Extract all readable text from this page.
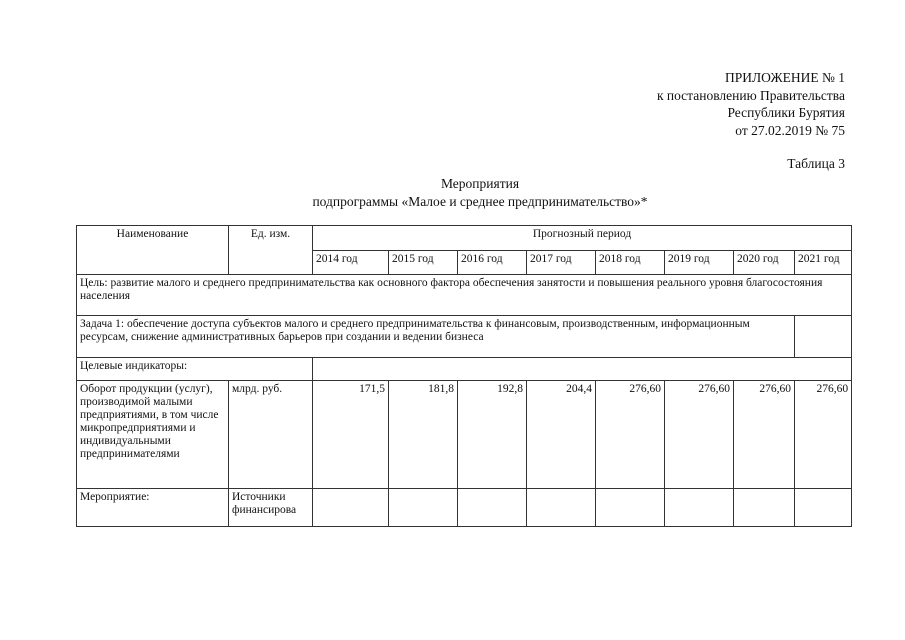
ПРИЛОЖЕНИЕ № 1
к постановлению Правительства
Республики Бурятия
от 27.02.2019 № 75
Таблица 3
Мероприятия
подпрограммы «Малое и среднее предпринимательство»*
Наименование	Ед. изм.	Прогнозный период							
		2014 год	2015 год	2016 год	2017 год	2018 год	2019 год	2020 год	2021 год
Цель: развитие малого и среднего предпринимательства как основного фактора обеспечения занятости и повышения реального уровня благосостояния населения									
Задача 1: обеспечение доступа субъектов малого и среднего предпринимательства к финансовым, производственным, информационным ресурсам, снижение административных барьеров при создании и ведении бизнеса									
Целевые индикаторы:									
Оборот продукции (услуг), производимой малыми предприятиями, в том числе микропредприятиями и индивидуальными предпринимателями	млрд. руб.	171,5	181,8	192,8	204,4	276,60	276,60	276,60	276,60
Мероприятие:	Источники финансирова								
